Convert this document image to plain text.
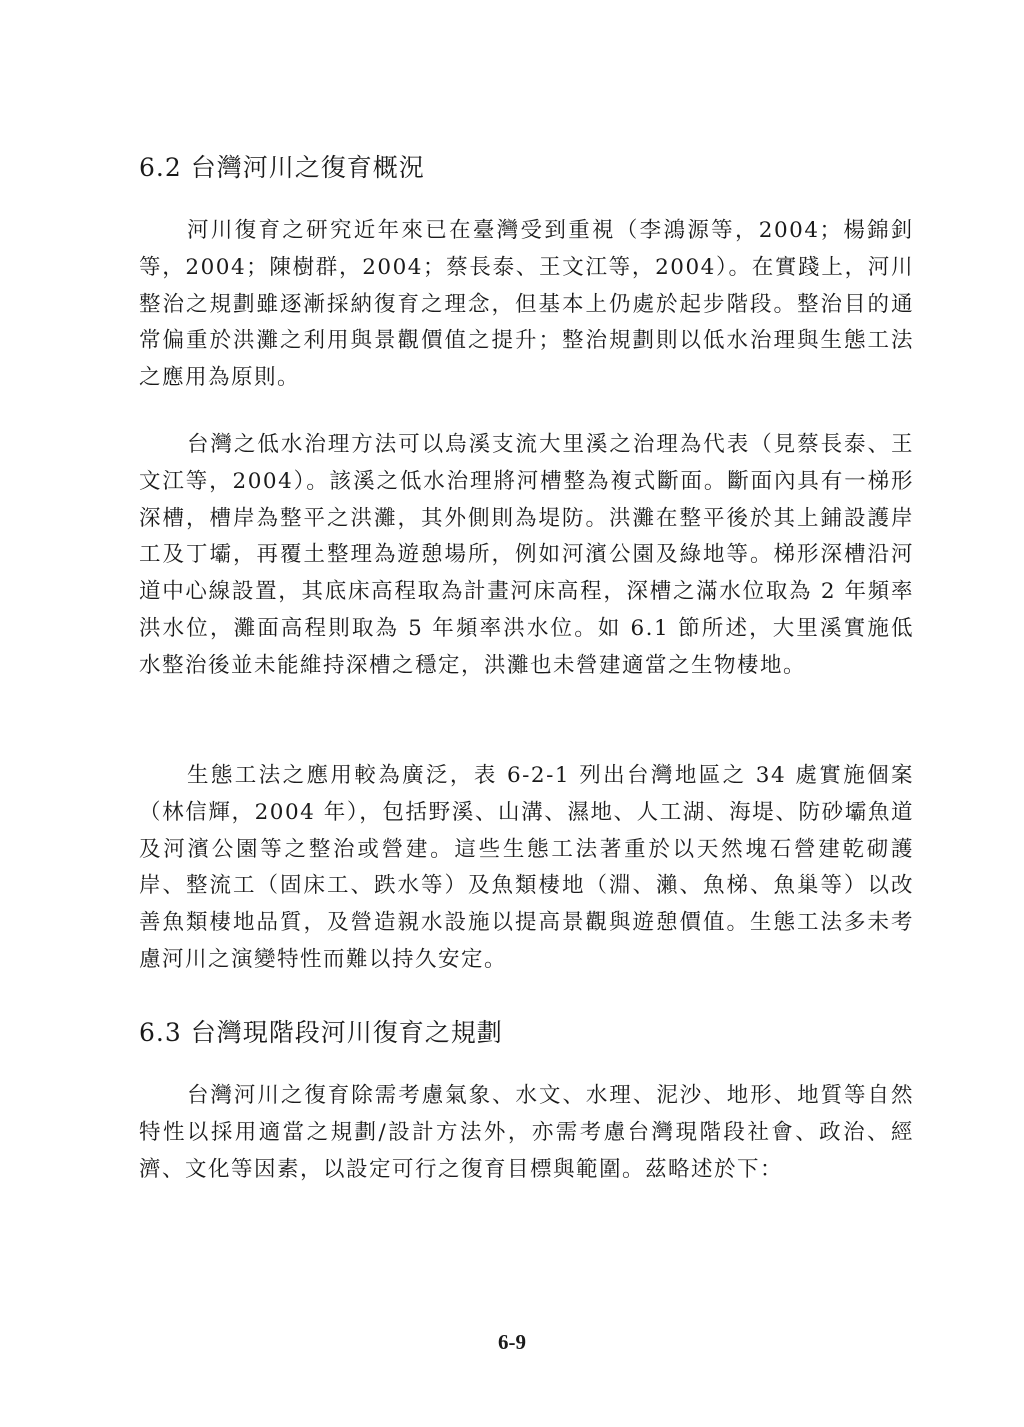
6.2 台灣河川之復育概況

河川復育之研究近年來已在臺灣受到重視（李鴻源等，2004；楊錦釗等，2004；陳樹群，2004；蔡長泰、王文江等，2004）。在實踐上，河川整治之規劃雖逐漸採納復育之理念，但基本上仍處於起步階段。整治目的通常偏重於洪灘之利用與景觀價值之提升；整治規劃則以低水治理與生態工法之應用為原則。

台灣之低水治理方法可以烏溪支流大里溪之治理為代表（見蔡長泰、王文江等，2004）。該溪之低水治理將河槽整為複式斷面。斷面內具有一梯形深槽，槽岸為整平之洪灘，其外側則為堤防。洪灘在整平後於其上鋪設護岸工及丁壩，再覆土整理為遊憩場所，例如河濱公園及綠地等。梯形深槽沿河道中心線設置，其底床高程取為計畫河床高程，深槽之滿水位取為 2 年頻率洪水位，灘面高程則取為 5 年頻率洪水位。如 6.1 節所述，大里溪實施低水整治後並未能維持深槽之穩定，洪灘也未營建適當之生物棲地。

生態工法之應用較為廣泛，表 6-2-1 列出台灣地區之 34 處實施個案（林信輝，2004 年），包括野溪、山溝、濕地、人工湖、海堤、防砂壩魚道及河濱公園等之整治或營建。這些生態工法著重於以天然塊石營建乾砌護岸、整流工（固床工、跌水等）及魚類棲地（淵、瀨、魚梯、魚巢等）以改善魚類棲地品質，及營造親水設施以提高景觀與遊憩價值。生態工法多未考慮河川之演變特性而難以持久安定。

6.3 台灣現階段河川復育之規劃

台灣河川之復育除需考慮氣象、水文、水理、泥沙、地形、地質等自然特性以採用適當之規劃/設計方法外，亦需考慮台灣現階段社會、政治、經濟、文化等因素，以設定可行之復育目標與範圍。茲略述於下：

6-9
